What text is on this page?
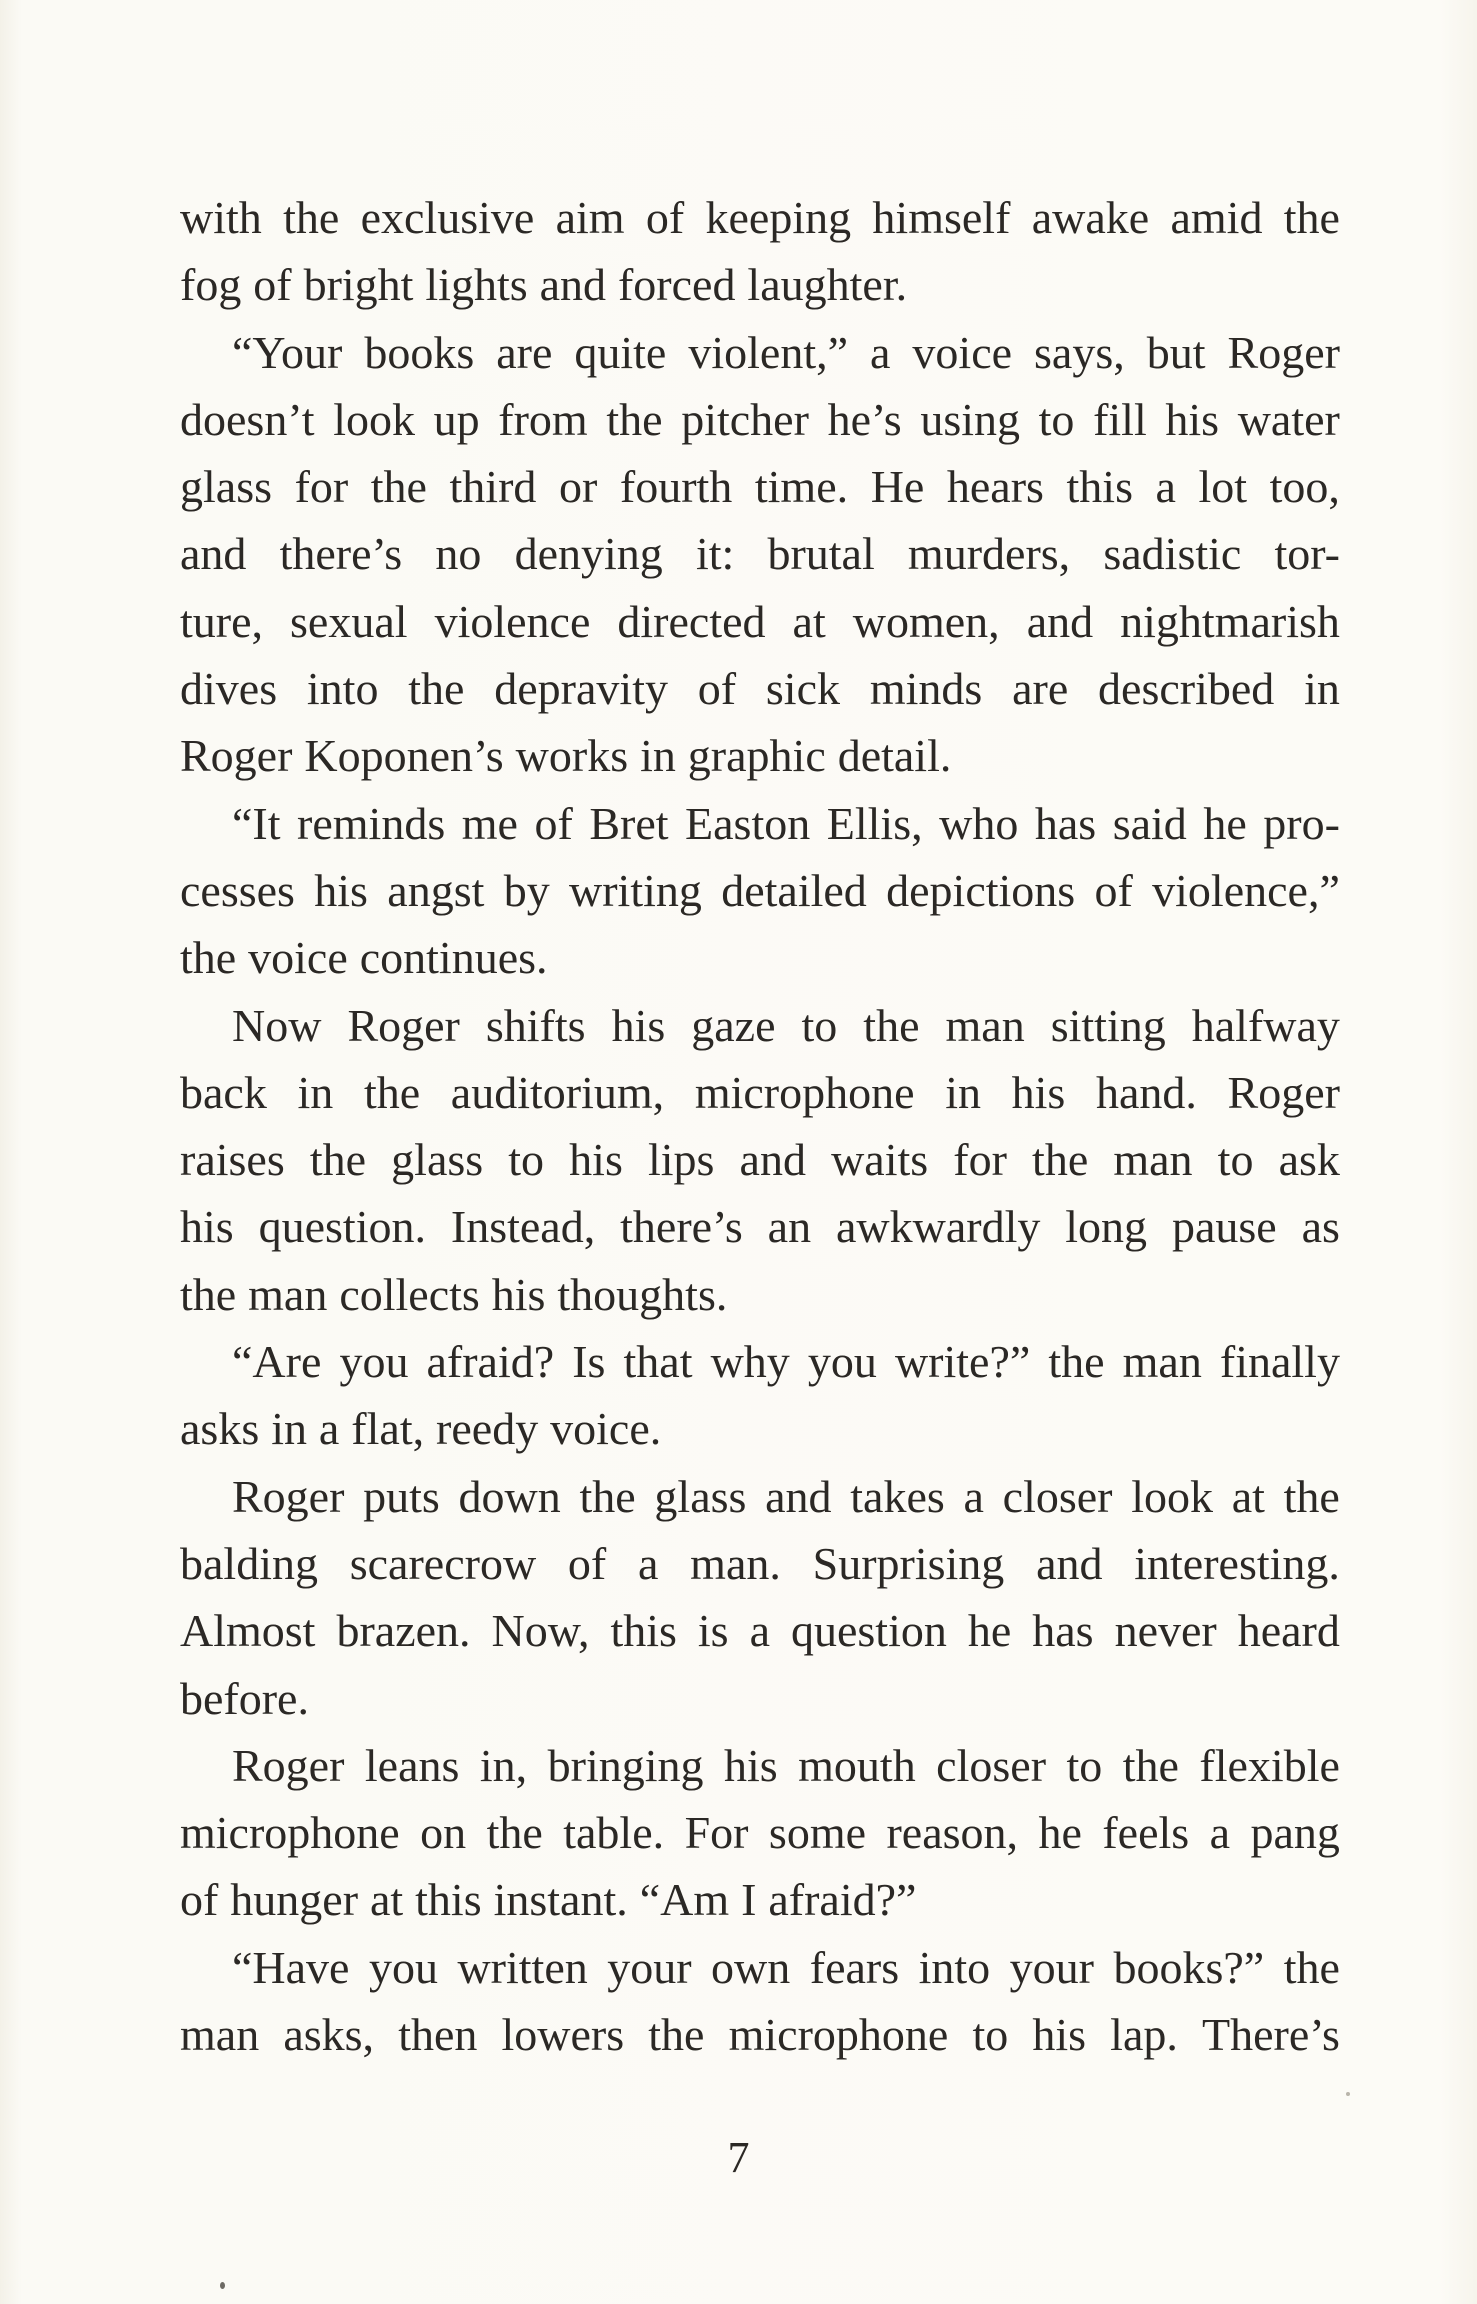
with the exclusive aim of keeping himself awake amid the
fog of bright lights and forced laughter.
“Your books are quite violent,” a voice says, but Roger
doesn’t look up from the pitcher he’s using to fill his water
glass for the third or fourth time. He hears this a lot too,
and there’s no denying it: brutal murders, sadistic tor-
ture, sexual violence directed at women, and nightmarish
dives into the depravity of sick minds are described in
Roger Koponen’s works in graphic detail.
“It reminds me of Bret Easton Ellis, who has said he pro-
cesses his angst by writing detailed depictions of violence,”
the voice continues.
Now Roger shifts his gaze to the man sitting halfway
back in the auditorium, microphone in his hand. Roger
raises the glass to his lips and waits for the man to ask
his question. Instead, there’s an awkwardly long pause as
the man collects his thoughts.
“Are you afraid? Is that why you write?” the man finally
asks in a flat, reedy voice.
Roger puts down the glass and takes a closer look at the
balding scarecrow of a man. Surprising and interesting.
Almost brazen. Now, this is a question he has never heard
before.
Roger leans in, bringing his mouth closer to the flexible
microphone on the table. For some reason, he feels a pang
of hunger at this instant. “Am I afraid?”
“Have you written your own fears into your books?” the
man asks, then lowers the microphone to his lap. There’s
7
